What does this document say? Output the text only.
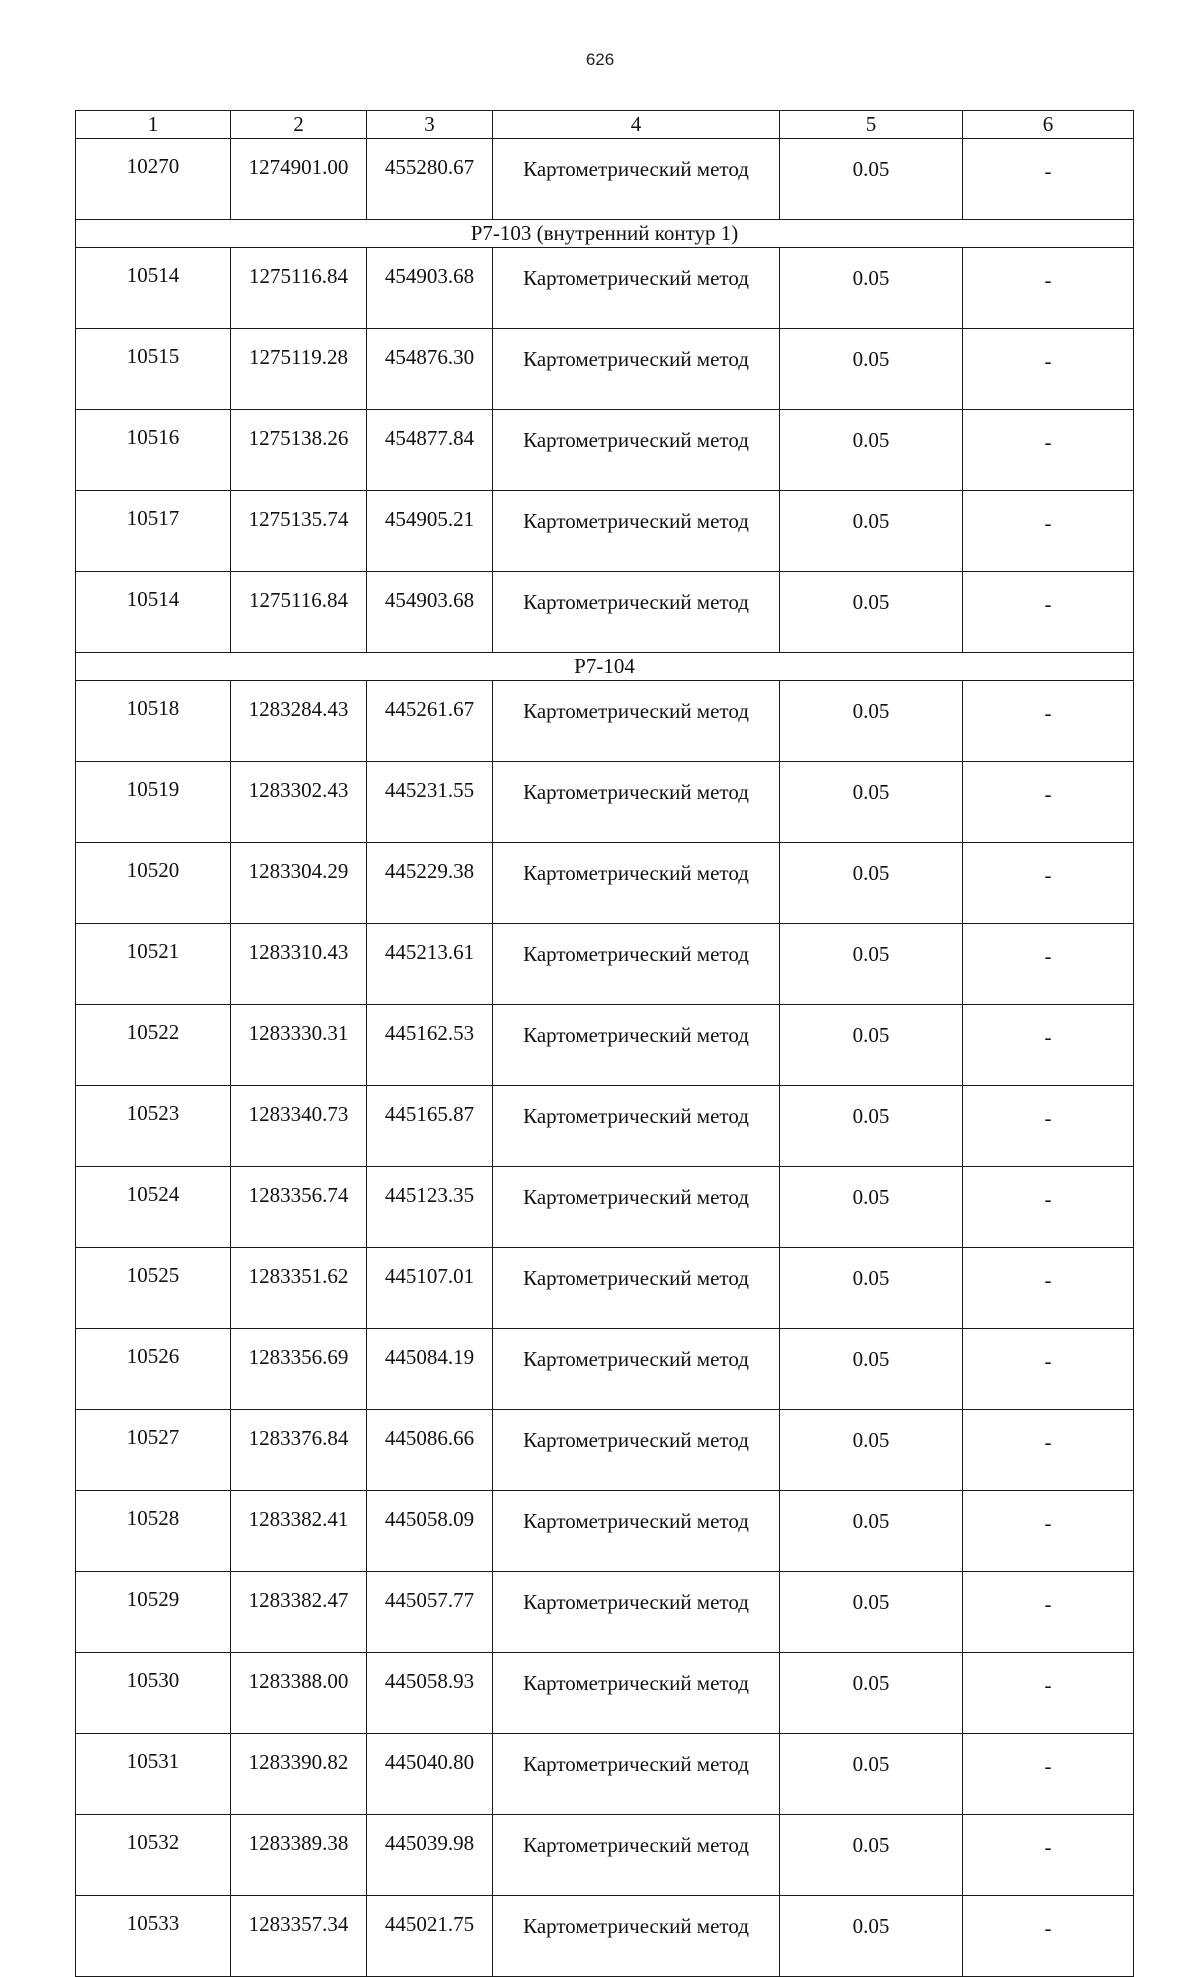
626
1	2	3	4	5	6
10270	1274901.00	455280.67	Картометрический метод	0.05	-
Р7-103 (внутренний контур 1)					
10514	1275116.84	454903.68	Картометрический метод	0.05	-
10515	1275119.28	454876.30	Картометрический метод	0.05	-
10516	1275138.26	454877.84	Картометрический метод	0.05	-
10517	1275135.74	454905.21	Картометрический метод	0.05	-
10514	1275116.84	454903.68	Картометрический метод	0.05	-
Р7-104					
10518	1283284.43	445261.67	Картометрический метод	0.05	-
10519	1283302.43	445231.55	Картометрический метод	0.05	-
10520	1283304.29	445229.38	Картометрический метод	0.05	-
10521	1283310.43	445213.61	Картометрический метод	0.05	-
10522	1283330.31	445162.53	Картометрический метод	0.05	-
10523	1283340.73	445165.87	Картометрический метод	0.05	-
10524	1283356.74	445123.35	Картометрический метод	0.05	-
10525	1283351.62	445107.01	Картометрический метод	0.05	-
10526	1283356.69	445084.19	Картометрический метод	0.05	-
10527	1283376.84	445086.66	Картометрический метод	0.05	-
10528	1283382.41	445058.09	Картометрический метод	0.05	-
10529	1283382.47	445057.77	Картометрический метод	0.05	-
10530	1283388.00	445058.93	Картометрический метод	0.05	-
10531	1283390.82	445040.80	Картометрический метод	0.05	-
10532	1283389.38	445039.98	Картометрический метод	0.05	-
10533	1283357.34	445021.75	Картометрический метод	0.05	-
